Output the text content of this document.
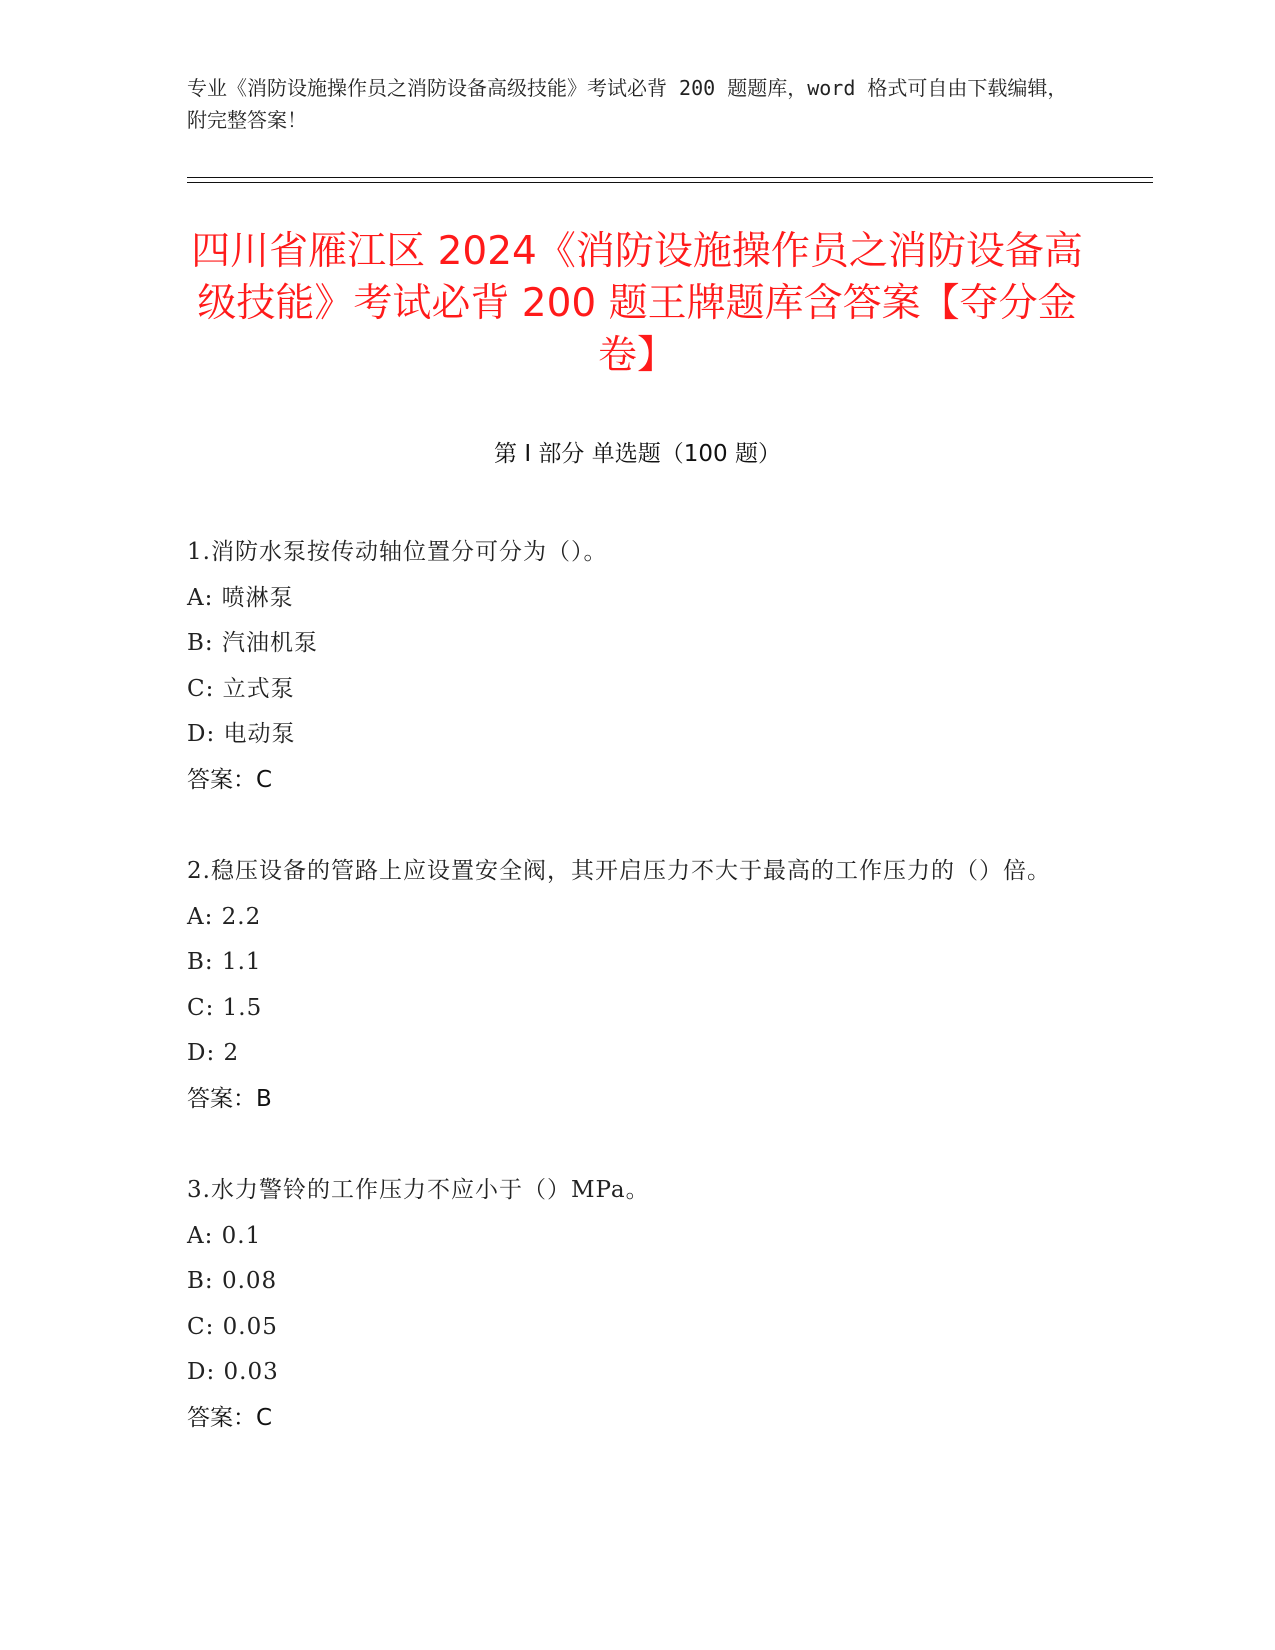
专业《消防设施操作员之消防设备高级技能》考试必背 200 题题库，word 格式可自由下载编辑，附完整答案！
四川省雁江区 2024《消防设施操作员之消防设备高级技能》考试必背 200 题王牌题库含答案【夺分金卷】
第 I 部分 单选题（100 题）
1.消防水泵按传动轴位置分可分为（）。
A: 喷淋泵
B: 汽油机泵
C: 立式泵
D: 电动泵
答案：C
2.稳压设备的管路上应设置安全阀，其开启压力不大于最高的工作压力的（）倍。
A: 2.2
B: 1.1
C: 1.5
D: 2
答案：B
3.水力警铃的工作压力不应小于（）MPa。
A: 0.1
B: 0.08
C: 0.05
D: 0.03
答案：C
